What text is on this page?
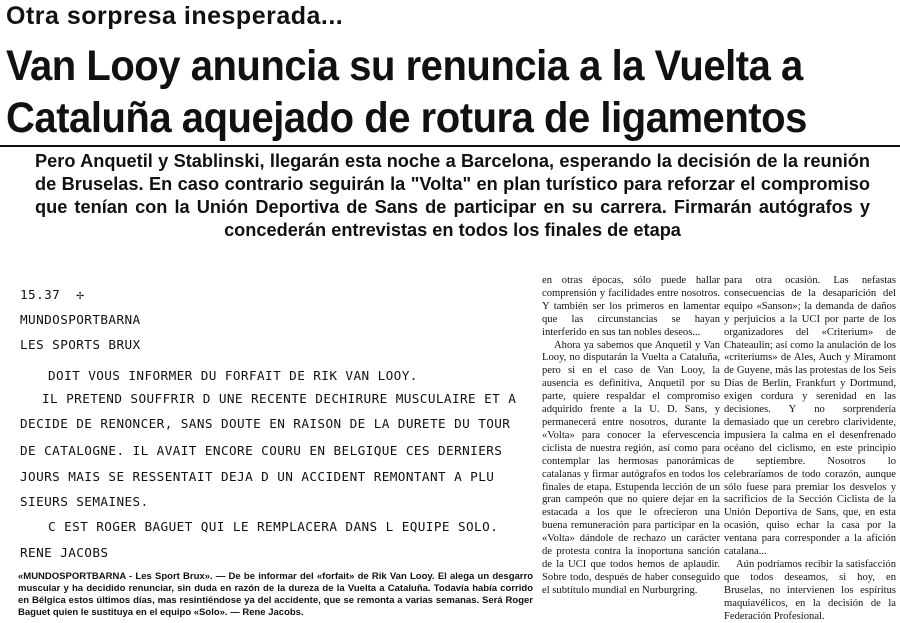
Otra sorpresa inesperada...
Van Looy anuncia su renuncia a la Vuelta a
Cataluña aquejado de rotura de ligamentos
Pero Anquetil y Stablinski, llegarán esta noche a Barcelona, esperando la decisión de la reunión de Bruselas. En caso contrario seguirán la "Volta" en plan turístico para reforzar el compromiso que tenían con la Unión Deportiva de Sans de participar en su carrera. Firmarán autógrafos y concederán entrevistas en todos los finales de etapa
15.37 ✢
MUNDOSPORTBARNA
LES SPORTS BRUX
DOIT VOUS INFORMER DU FORFAIT DE RIK VAN LOOY.
IL PRETEND SOUFFRIR D UNE RECENTE DECHIRURE MUSCULAIRE ET A
DECIDE DE RENONCER, SANS DOUTE EN RAISON DE LA DURETE DU TOUR
DE CATALOGNE. IL AVAIT ENCORE COURU EN BELGIQUE CES DERNIERS
JOURS MAIS SE RESSENTAIT DEJA D UN ACCIDENT REMONTANT A PLU
SIEURS SEMAINES.
C EST ROGER BAGUET QUI LE REMPLACERA DANS L EQUIPE SOLO.
RENE JACOBS
«MUNDOSPORTBARNA - Les Sport Brux». — De be informar del «forfait» de Rik Van Looy. El alega un desgarro muscular y ha decidido renunciar, sin duda en razón de la dureza de la Vuelta a Cataluña. Todavía había corrido en Bélgica estos últimos días, mas resintiéndose ya del accidente, que se remonta a varias semanas. Será Roger Baguet quien le sustituya en el equipo «Solo». — Rene Jacobs.

en otras épocas, sólo puede hallar comprensión y facilidades entre nosotros. Y también ser los primeros en lamentar que las circunstancias se hayan interferido en sus tan nobles deseos...

Ahora ya sabemos que Anquetil y Van Looy, no disputarán la Vuelta a Cataluña, pero si en el caso de Van Looy, la ausencia es definitiva, Anquetil por su parte, quiere respaldar el compromiso adquirido frente a la U. D. Sans, y permanecerá entre nosotros, durante la «Volta» para conocer la efervescencia ciclista de nuestra región, así como para contemplar las hermosas panorámicas catalanas y firmar autógrafos en todos los finales de etapa. Estupenda lección de un gran campeón que no quiere dejar en la estacada a los que le ofrecieron una buena remuneración para participar en la «Volta» dándole de rechazo un carácter de protesta contra la inoportuna sanción de la UCI que todos hemos de aplaudir. Sobre todo, después de haber conseguido el subtítulo mundial en Nurburgring.

para otra ocasión. Las nefastas consecuencias de la desaparición del equipo «Sanson»; la demanda de daños y perjuicios a la UCI por parte de los organizadores del «Criterium» de Chateaulin; así como la anulación de los «criteriums» de Ales, Auch y Miramont de Guyene, más las protestas de los Seis Días de Berlín, Frankfurt y Dortmund, exigen cordura y serenidad en las decisiones. Y no sorprendería demasiado que un cerebro clarividente, impusiera la calma en el desenfrenado océano del ciclismo, en este principio de septiembre. Nosotros lo celebraríamos de todo corazón, aunque sólo fuese para premiar los desvelos y sacrificios de la Sección Ciclista de la Unión Deportiva de Sans, que, en esta ocasión, quiso echar la casa por la ventana para corresponder a la afición catalana...

Aún podríamos recibir la satisfacción que todos deseamos, si hoy, en Bruselas, no intervienen los espíritus maquiavélicos, en la decisión de la Federación Profesional.
